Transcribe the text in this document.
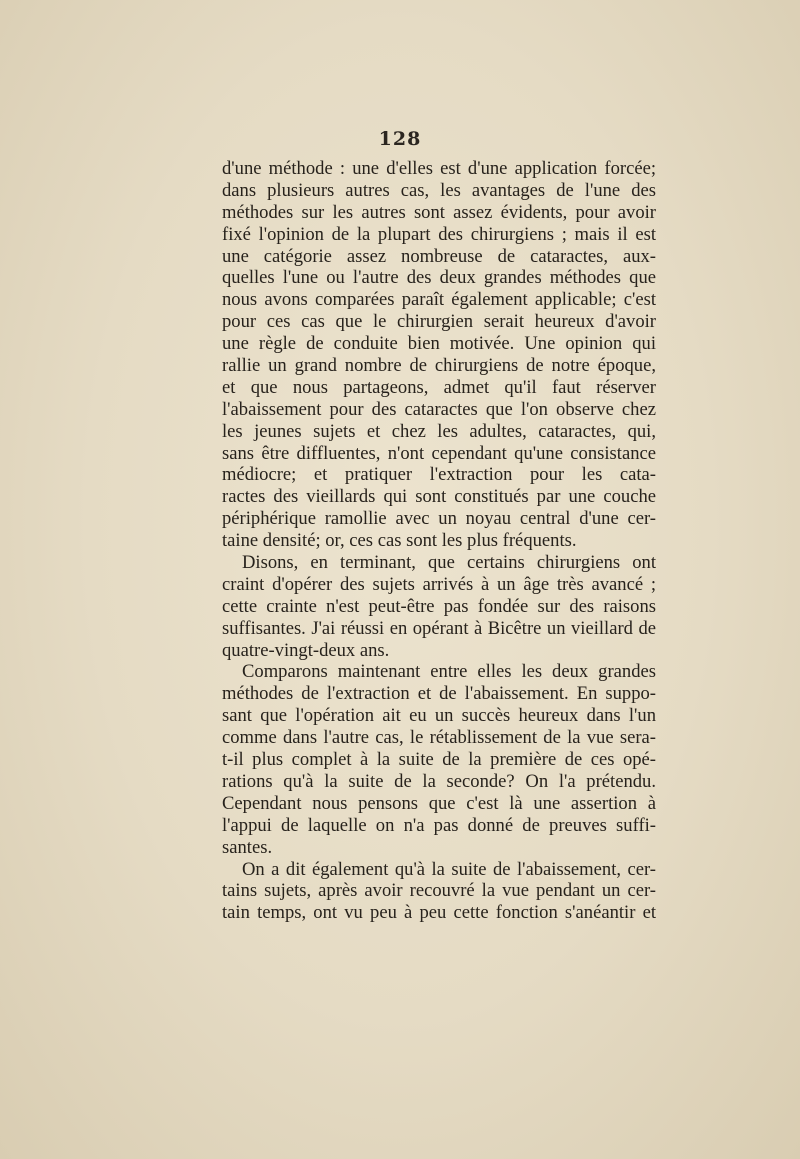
128
d'une méthode : une d'elles est d'une application forcée;
dans plusieurs autres cas, les avantages de l'une des
méthodes sur les autres sont assez évidents, pour avoir
fixé l'opinion de la plupart des chirurgiens ; mais il est
une catégorie assez nombreuse de cataractes, aux-
quelles l'une ou l'autre des deux grandes méthodes que
nous avons comparées paraît également applicable; c'est
pour ces cas que le chirurgien serait heureux d'avoir
une règle de conduite bien motivée. Une opinion qui
rallie un grand nombre de chirurgiens de notre époque,
et que nous partageons, admet qu'il faut réserver
l'abaissement pour des cataractes que l'on observe chez
les jeunes sujets et chez les adultes, cataractes, qui,
sans être diffluentes, n'ont cependant qu'une consistance
médiocre; et pratiquer l'extraction pour les cata-
ractes des vieillards qui sont constitués par une couche
périphérique ramollie avec un noyau central d'une cer-
taine densité; or, ces cas sont les plus fréquents.
Disons, en terminant, que certains chirurgiens ont
craint d'opérer des sujets arrivés à un âge très avancé ;
cette crainte n'est peut-être pas fondée sur des raisons
suffisantes. J'ai réussi en opérant à Bicêtre un vieillard de
quatre-vingt-deux ans.
Comparons maintenant entre elles les deux grandes
méthodes de l'extraction et de l'abaissement. En suppo-
sant que l'opération ait eu un succès heureux dans l'un
comme dans l'autre cas, le rétablissement de la vue sera-
t-il plus complet à la suite de la première de ces opé-
rations qu'à la suite de la seconde? On l'a prétendu.
Cependant nous pensons que c'est là une assertion à
l'appui de laquelle on n'a pas donné de preuves suffi-
santes.
On a dit également qu'à la suite de l'abaissement, cer-
tains sujets, après avoir recouvré la vue pendant un cer-
tain temps, ont vu peu à peu cette fonction s'anéantir et
